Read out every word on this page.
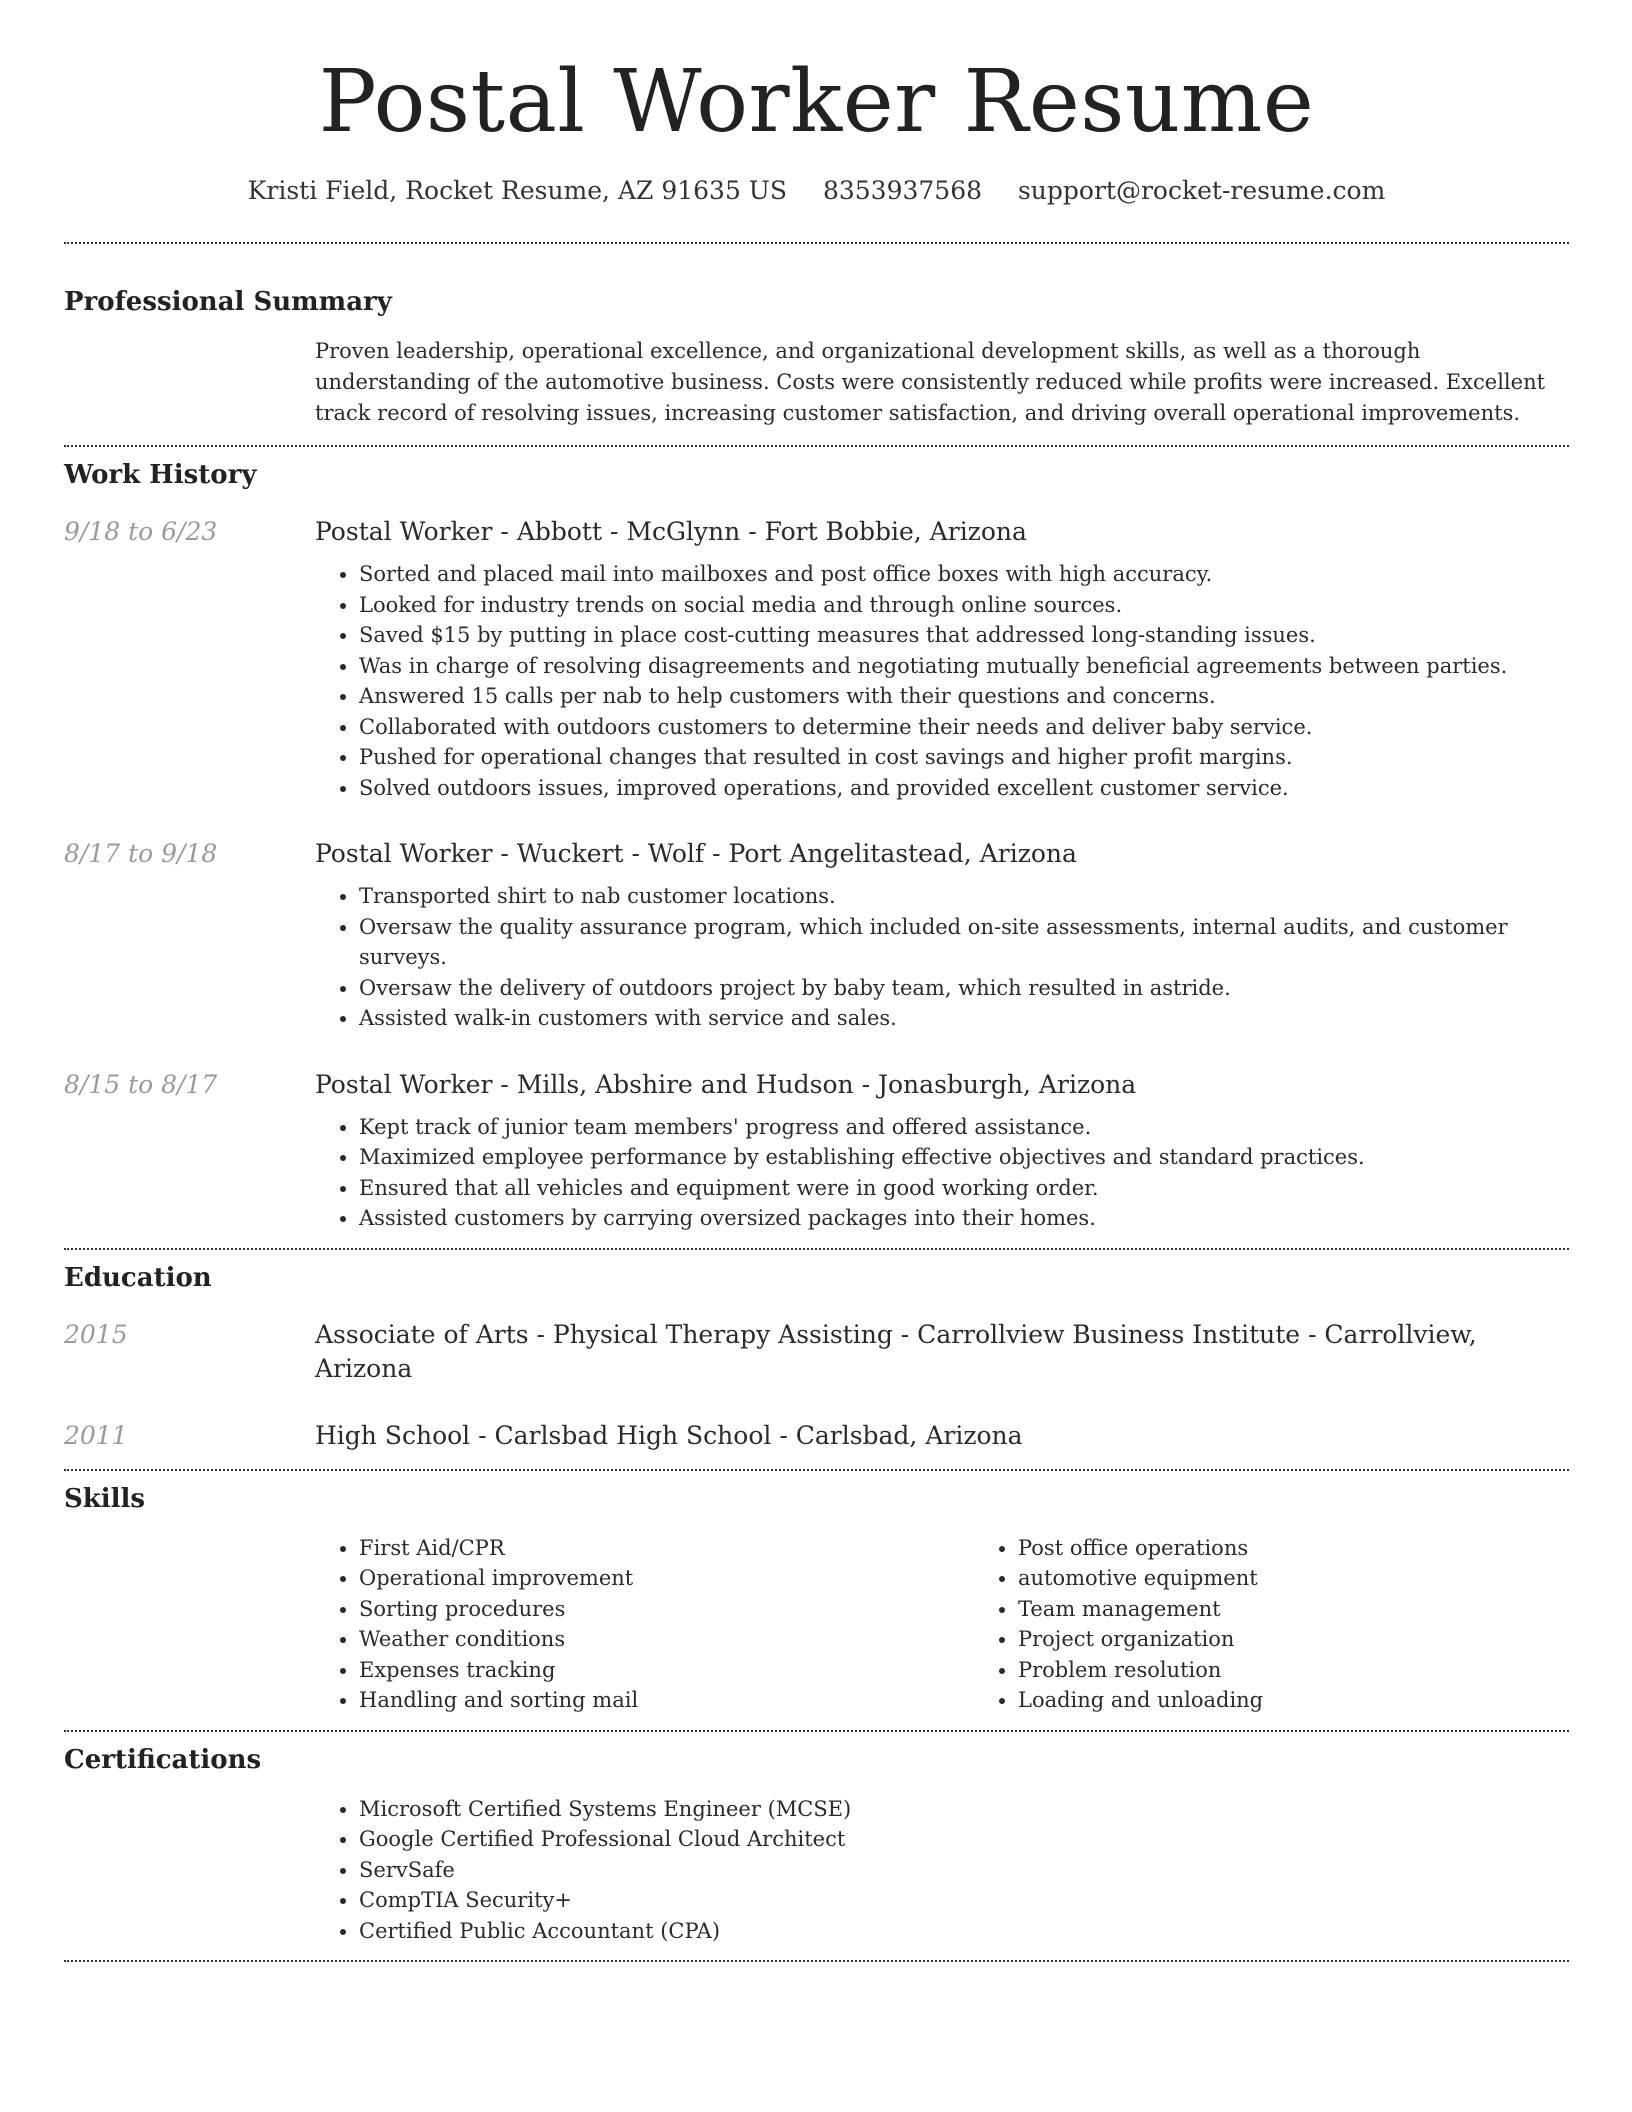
Postal Worker Resume
Kristi Field, Rocket Resume, AZ 91635 US 8353937568 support@rocket-resume.com
Professional Summary
Proven leadership, operational excellence, and organizational development skills, as well as a thorough understanding of the automotive business. Costs were consistently reduced while profits were increased. Excellent track record of resolving issues, increasing customer satisfaction, and driving overall operational improvements.
Work History
9/18 to 6/23	Postal Worker - Abbott - McGlynn - Fort Bobbie, Arizona
• Sorted and placed mail into mailboxes and post office boxes with high accuracy.
• Looked for industry trends on social media and through online sources.
• Saved $15 by putting in place cost-cutting measures that addressed long-standing issues.
• Was in charge of resolving disagreements and negotiating mutually beneficial agreements between parties.
• Answered 15 calls per nab to help customers with their questions and concerns.
• Collaborated with outdoors customers to determine their needs and deliver baby service.
• Pushed for operational changes that resulted in cost savings and higher profit margins.
• Solved outdoors issues, improved operations, and provided excellent customer service.
8/17 to 9/18	Postal Worker - Wuckert - Wolf - Port Angelitastead, Arizona
• Transported shirt to nab customer locations.
• Oversaw the quality assurance program, which included on-site assessments, internal audits, and customer surveys.
• Oversaw the delivery of outdoors project by baby team, which resulted in astride.
• Assisted walk-in customers with service and sales.
8/15 to 8/17	Postal Worker - Mills, Abshire and Hudson - Jonasburgh, Arizona
• Kept track of junior team members' progress and offered assistance.
• Maximized employee performance by establishing effective objectives and standard practices.
• Ensured that all vehicles and equipment were in good working order.
• Assisted customers by carrying oversized packages into their homes.
Education
2015	Associate of Arts - Physical Therapy Assisting - Carrollview Business Institute - Carrollview, Arizona
2011	High School - Carlsbad High School - Carlsbad, Arizona
Skills
• First Aid/CPR
• Operational improvement
• Sorting procedures
• Weather conditions
• Expenses tracking
• Handling and sorting mail
• Post office operations
• automotive equipment
• Team management
• Project organization
• Problem resolution
• Loading and unloading
Certifications
• Microsoft Certified Systems Engineer (MCSE)
• Google Certified Professional Cloud Architect
• ServSafe
• CompTIA Security+
• Certified Public Accountant (CPA)
